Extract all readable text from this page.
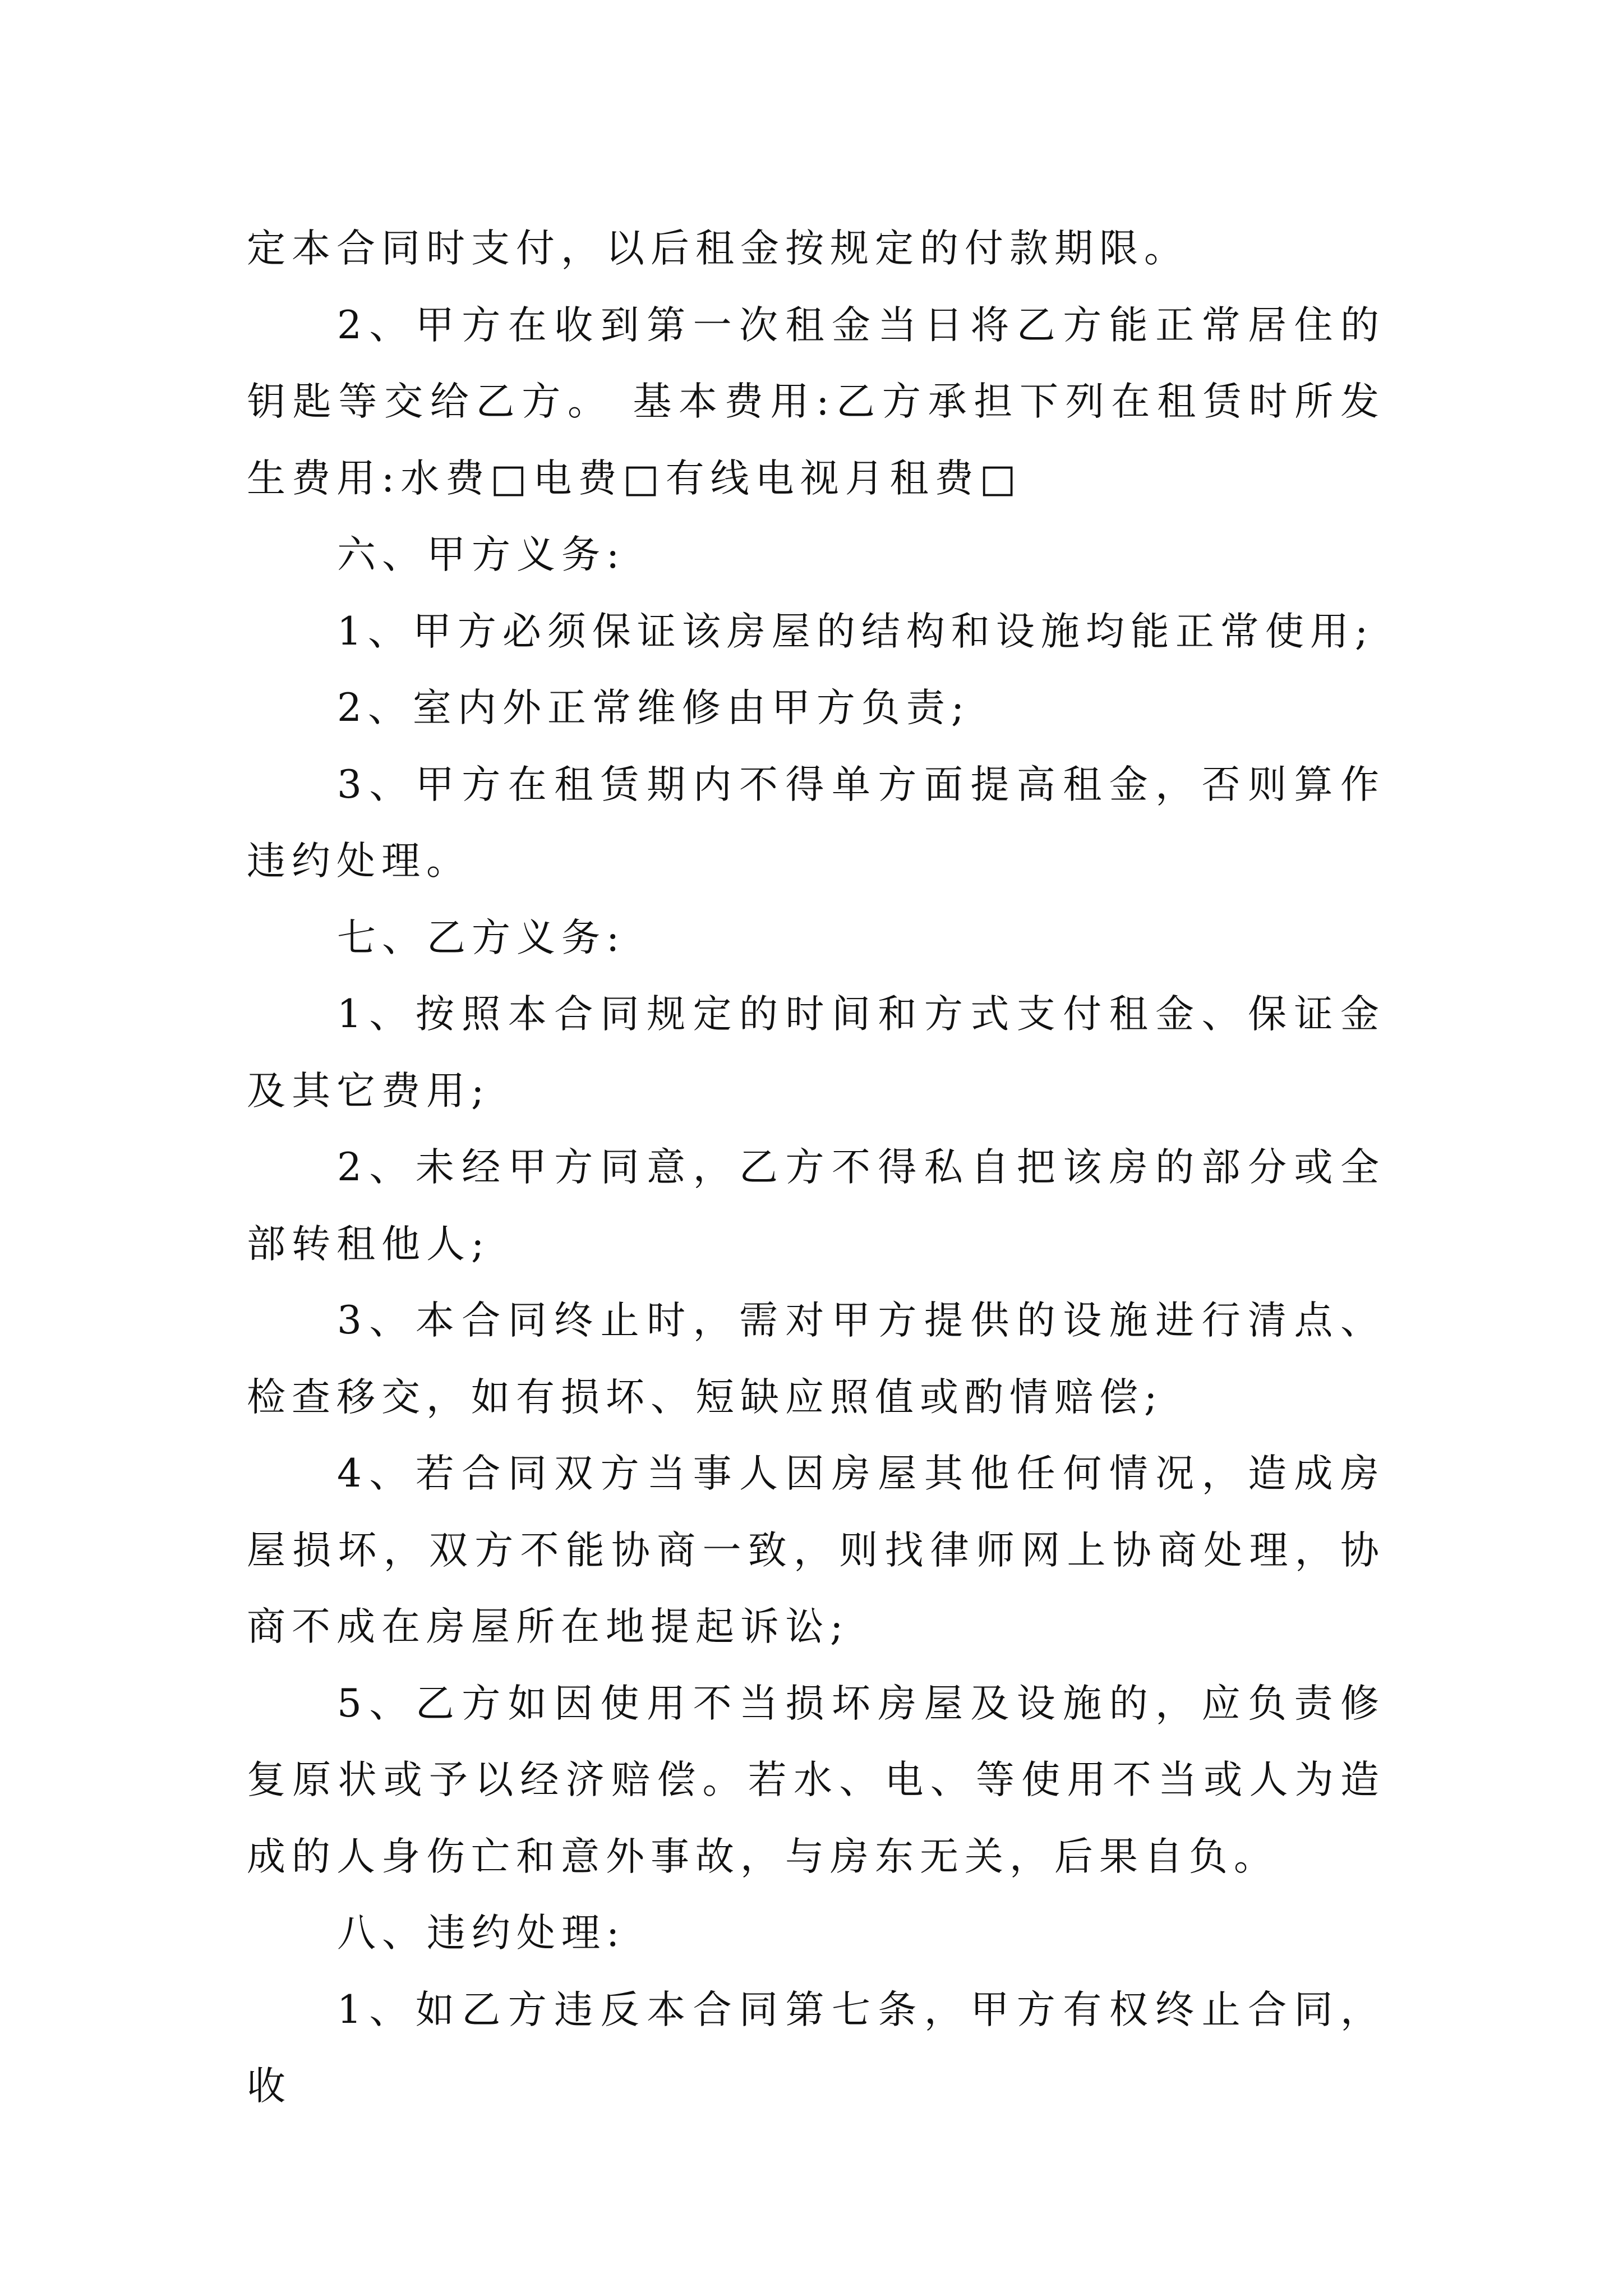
定本合同时支付，以后租金按规定的付款期限。

2、甲方在收到第一次租金当日将乙方能正常居住的钥匙等交给乙方。 基本费用:乙方承担下列在租赁时所发生费用:水费□电费□有线电视月租费□

六、甲方义务:

1、甲方必须保证该房屋的结构和设施均能正常使用;

2、室内外正常维修由甲方负责;

3、甲方在租赁期内不得单方面提高租金，否则算作违约处理。

七、乙方义务:

1、按照本合同规定的时间和方式支付租金、保证金及其它费用;

2、未经甲方同意，乙方不得私自把该房的部分或全部转租他人;

3、本合同终止时，需对甲方提供的设施进行清点、检查移交，如有损坏、短缺应照值或酌情赔偿;

4、若合同双方当事人因房屋其他任何情况，造成房屋损坏，双方不能协商一致，则找律师网上协商处理，协商不成在房屋所在地提起诉讼;

5、乙方如因使用不当损坏房屋及设施的，应负责修复原状或予以经济赔偿。若水、电、等使用不当或人为造成的人身伤亡和意外事故，与房东无关，后果自负。

八、违约处理:

1、如乙方违反本合同第七条，甲方有权终止合同，收
